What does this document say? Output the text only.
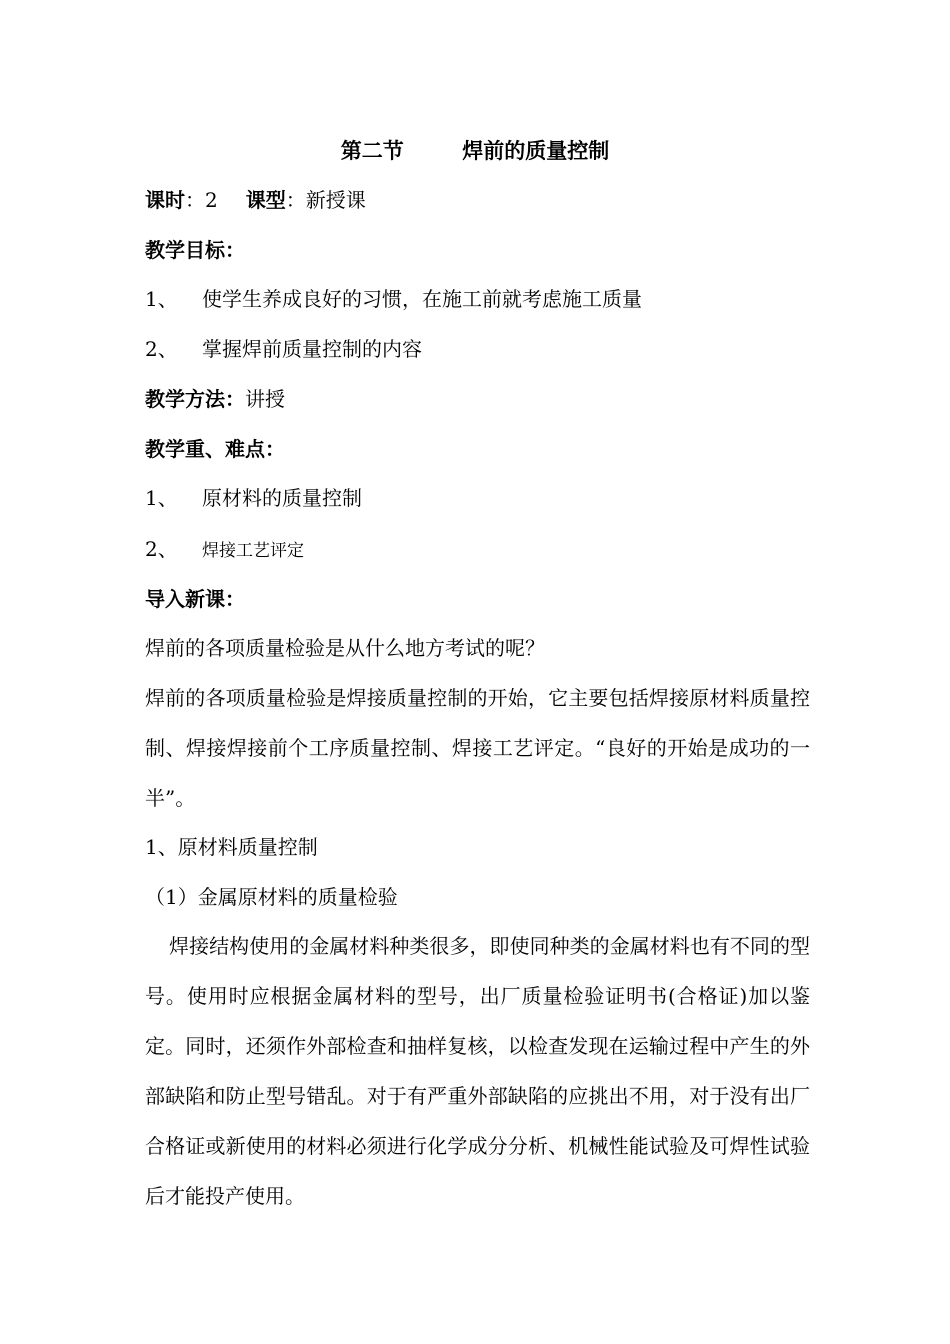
第二节	焊前的质量控制
课时：2 课型：新授课
教学目标：
1、 使学生养成良好的习惯，在施工前就考虑施工质量
2、 掌握焊前质量控制的内容
教学方法：讲授
教学重、难点：
1、 原材料的质量控制
2、 焊接工艺评定
导入新课：
焊前的各项质量检验是从什么地方考试的呢？
焊前的各项质量检验是焊接质量控制的开始，它主要包括焊接原材料质量控制、焊接焊接前个工序质量控制、焊接工艺评定。“良好的开始是成功的一半”。
1、原材料质量控制
（1）金属原材料的质量检验
焊接结构使用的金属材料种类很多，即使同种类的金属材料也有不同的型号。使用时应根据金属材料的型号，出厂质量检验证明书(合格证)加以鉴定。同时，还须作外部检查和抽样复核，以检查发现在运输过程中产生的外部缺陷和防止型号错乱。对于有严重外部缺陷的应挑出不用，对于没有出厂合格证或新使用的材料必须进行化学成分分析、机械性能试验及可焊性试验后才能投产使用。
